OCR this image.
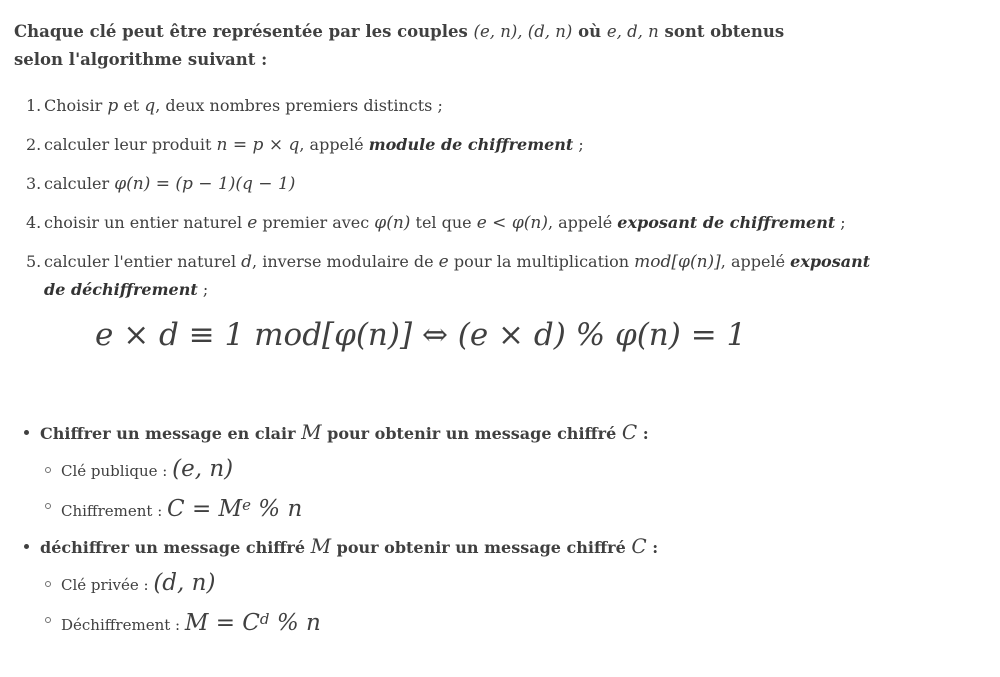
Chaque clé peut être représentée par les couples (e, n), (d, n) où e, d, n sont obtenus selon l'algorithme suivant :

1. Choisir p et q, deux nombres premiers distincts ;
2. calculer leur produit n = p × q, appelé module de chiffrement ;
3. calculer φ(n) = (p − 1)(q − 1)
4. choisir un entier naturel e premier avec φ(n) tel que e < φ(n), appelé exposant de chiffrement ;
5. calculer l'entier naturel d, inverse modulaire de e pour la multiplication mod[φ(n)], appelé exposant de déchiffrement ;
e × d ≡ 1 mod[φ(n)] ⇔ (e × d) % φ(n) = 1
Chiffrer un message en clair M pour obtenir un message chiffré C :
Clé publique : (e, n)
Chiffrement : $C = M^e$ % n
déchiffrer un message chiffré M pour obtenir un message chiffré C :
Clé privée : (d, n)
Déchiffrement : $M = C^d$ % n
